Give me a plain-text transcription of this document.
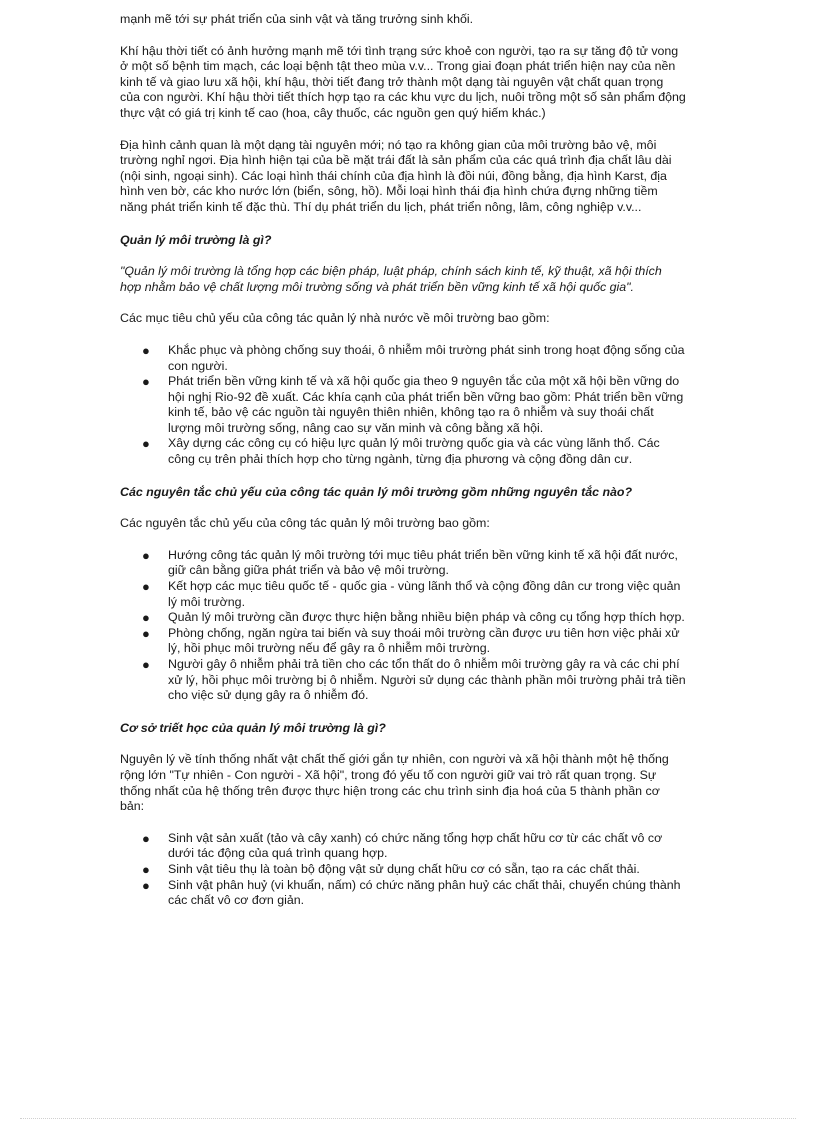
mạnh mẽ tới sự phát triển của sinh vật và tăng trưởng sinh khối.

Khí hậu thời tiết có ảnh hưởng mạnh mẽ tới tình trạng sức khoẻ con người, tạo ra sự tăng độ tử vong ở một số bệnh tim mạch, các loại bệnh tật theo mùa v.v... Trong giai đoạn phát triển hiện nay của nền kinh tế và giao lưu xã hội, khí hậu, thời tiết đang trở thành một dạng tài nguyên vật chất quan trọng của con người. Khí hậu thời tiết thích hợp tạo ra các khu vực du lịch, nuôi trồng một số sản phẩm động thực vật có giá trị kinh tế cao (hoa, cây thuốc, các nguồn gen quý hiếm khác.)

Địa hình cảnh quan là một dạng tài nguyên mới; nó tạo ra không gian của môi trường bảo vệ, môi trường nghỉ ngơi. Địa hình hiện tại của bề mặt trái đất là sản phẩm của các quá trình địa chất lâu dài (nội sinh, ngoại sinh). Các loại hình thái chính của địa hình là đồi núi, đồng bằng, địa hình Karst, địa hình ven bờ, các kho nước lớn (biển, sông, hồ). Mỗi loại hình thái địa hình chứa đựng những tiềm năng phát triển kinh tế đặc thù. Thí dụ phát triển du lịch, phát triển nông, lâm, công nghiệp v.v...

Quản lý môi trường là gì?

"Quản lý môi trường là tổng hợp các biện pháp, luật pháp, chính sách kinh tế, kỹ thuật, xã hội thích hợp nhằm bảo vệ chất lượng môi trường sống và phát triển bền vững kinh tế xã hội quốc gia".

Các mục tiêu chủ yếu của công tác quản lý nhà nước về môi trường bao gồm:

● Khắc phục và phòng chống suy thoái, ô nhiễm môi trường phát sinh trong hoạt động sống của con người.
● Phát triển bền vững kinh tế và xã hội quốc gia theo 9 nguyên tắc của một xã hội bền vững do hội nghị Rio-92 đề xuất. Các khía cạnh của phát triển bền vững bao gồm: Phát triển bền vững kinh tế, bảo vệ các nguồn tài nguyên thiên nhiên, không tạo ra ô nhiễm và suy thoái chất lượng môi trường sống, nâng cao sự văn minh và công bằng xã hội.
● Xây dựng các công cụ có hiệu lực quản lý môi trường quốc gia và các vùng lãnh thổ. Các công cụ trên phải thích hợp cho từng ngành, từng địa phương và cộng đồng dân cư.

Các nguyên tắc chủ yếu của công tác quản lý môi trường gồm những nguyên tắc nào?

Các nguyên tắc chủ yếu của công tác quản lý môi trường bao gồm:

● Hướng công tác quản lý môi trường tới mục tiêu phát triển bền vững kinh tế xã hội đất nước, giữ cân bằng giữa phát triển và bảo vệ môi trường.
● Kết hợp các mục tiêu quốc tế - quốc gia - vùng lãnh thổ và cộng đồng dân cư trong việc quản lý môi trường.
● Quản lý môi trường cần được thực hiện bằng nhiều biện pháp và công cụ tổng hợp thích hợp.
● Phòng chống, ngăn ngừa tai biến và suy thoái môi trường cần được ưu tiên hơn việc phải xử lý, hồi phục môi trường nếu để gây ra ô nhiễm môi trường.
● Người gây ô nhiễm phải trả tiền cho các tổn thất do ô nhiễm môi trường gây ra và các chi phí xử lý, hồi phục môi trường bị ô nhiễm. Người sử dụng các thành phần môi trường phải trả tiền cho việc sử dụng gây ra ô nhiễm đó.

Cơ sở triết học của quản lý môi trường là gì?

Nguyên lý về tính thống nhất vật chất thế giới gắn tự nhiên, con người và xã hội thành một hệ thống rộng lớn "Tự nhiên - Con người - Xã hội", trong đó yếu tố con người giữ vai trò rất quan trọng. Sự thống nhất của hệ thống trên được thực hiện trong các chu trình sinh địa hoá của 5 thành phần cơ bản:

● Sinh vật sản xuất (tảo và cây xanh) có chức năng tổng hợp chất hữu cơ từ các chất vô cơ dưới tác động của quá trình quang hợp.
● Sinh vật tiêu thụ là toàn bộ động vật sử dụng chất hữu cơ có sẵn, tạo ra các chất thải.
● Sinh vật phân huỷ (vi khuẩn, nấm) có chức năng phân huỷ các chất thải, chuyển chúng thành các chất vô cơ đơn giản.
